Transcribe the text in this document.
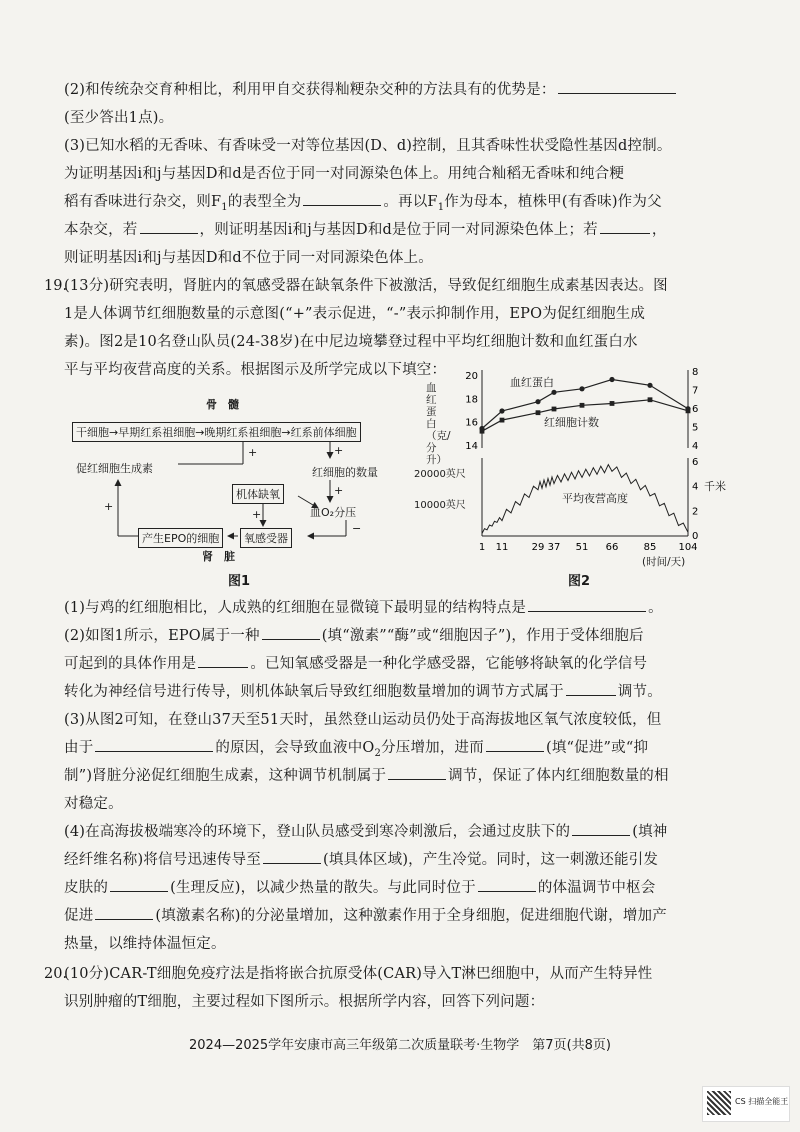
(2)和传统杂交育种相比，利用甲自交获得籼粳杂交种的方法具有的优势是：
(至少答出1点)。
(3)已知水稻的无香味、有香味受一对等位基因(D、d)控制，且其香味性状受隐性基因d控制。
为证明基因i和j与基因D和d是否位于同一对同源染色体上。用纯合籼稻无香味和纯合粳
稻有香味进行杂交，则$F_1$的表型全为	。再以$F_1$作为母本，植株甲(有香味)作为父
本杂交，若	，则证明基因i和j与基因D和d是位于同一对同源染色体上；若	，
则证明基因i和j与基因D和d不位于同一对同源染色体上。
19.
(13分)研究表明，肾脏内的氧感受器在缺氧条件下被激活，导致促红细胞生成素基因表达。图
1是人体调节红细胞数量的示意图(“+”表示促进，“-”表示抑制作用，EPO为促红细胞生成
素)。图2是10名登山队员(24-38岁)在中尼边境攀登过程中平均红细胞计数和血红蛋白水
平与平均夜营高度的关系。根据图示及所学完成以下填空：
骨　髓
干细胞→早期红系祖细胞→晚期红系祖细胞→红系前体细胞
促红细胞生成素
+	+
红细胞的数量
+
机体缺氧
血O₂分压
+
−
产生EPO的细胞	氧感受器
+
肾　脏
图1
20
18
16
14
8
7
6
5
4
6
4
2
0
1 11 29 37 51 66	85 104
血红蛋白（克/分升）
血红蛋白
红细胞计数
平均夜营高度
20000英尺
10000英尺
千米
(时间/天)
图2
(1)与鸡的红细胞相比，人成熟的红细胞在显微镜下最明显的结构特点是	。
(2)如图1所示，EPO属于一种	(填“激素”“酶”或“细胞因子”)，作用于受体细胞后
可起到的具体作用是	。已知氧感受器是一种化学感受器，它能够将缺氧的化学信号
转化为神经信号进行传导，则机体缺氧后导致红细胞数量增加的调节方式属于	调节。
(3)从图2可知，在登山37天至51天时，虽然登山运动员仍处于高海拔地区氧气浓度较低，但
由于	的原因，会导致血液中$O_2$分压增加，进而	(填“促进”或“抑
制”)肾脏分泌促红细胞生成素，这种调节机制属于	调节，保证了体内红细胞数量的相
对稳定。
(4)在高海拔极端寒冷的环境下，登山队员感受到寒冷刺激后，会通过皮肤下的	(填神
经纤维名称)将信号迅速传导至	(填具体区域)，产生冷觉。同时，这一刺激还能引发
皮肤的	(生理反应)，以减少热量的散失。与此同时位于	的体温调节中枢会
促进	(填激素名称)的分泌量增加，这种激素作用于全身细胞，促进细胞代谢，增加产
热量，以维持体温恒定。
20.
(10分)CAR-T细胞免疫疗法是指将嵌合抗原受体(CAR)导入T淋巴细胞中，从而产生特异性
识别肿瘤的T细胞，主要过程如下图所示。根据所学内容，回答下列问题：
2024—2025学年安康市高三年级第二次质量联考·生物学　第7页(共8页)
CS 扫描全能王
